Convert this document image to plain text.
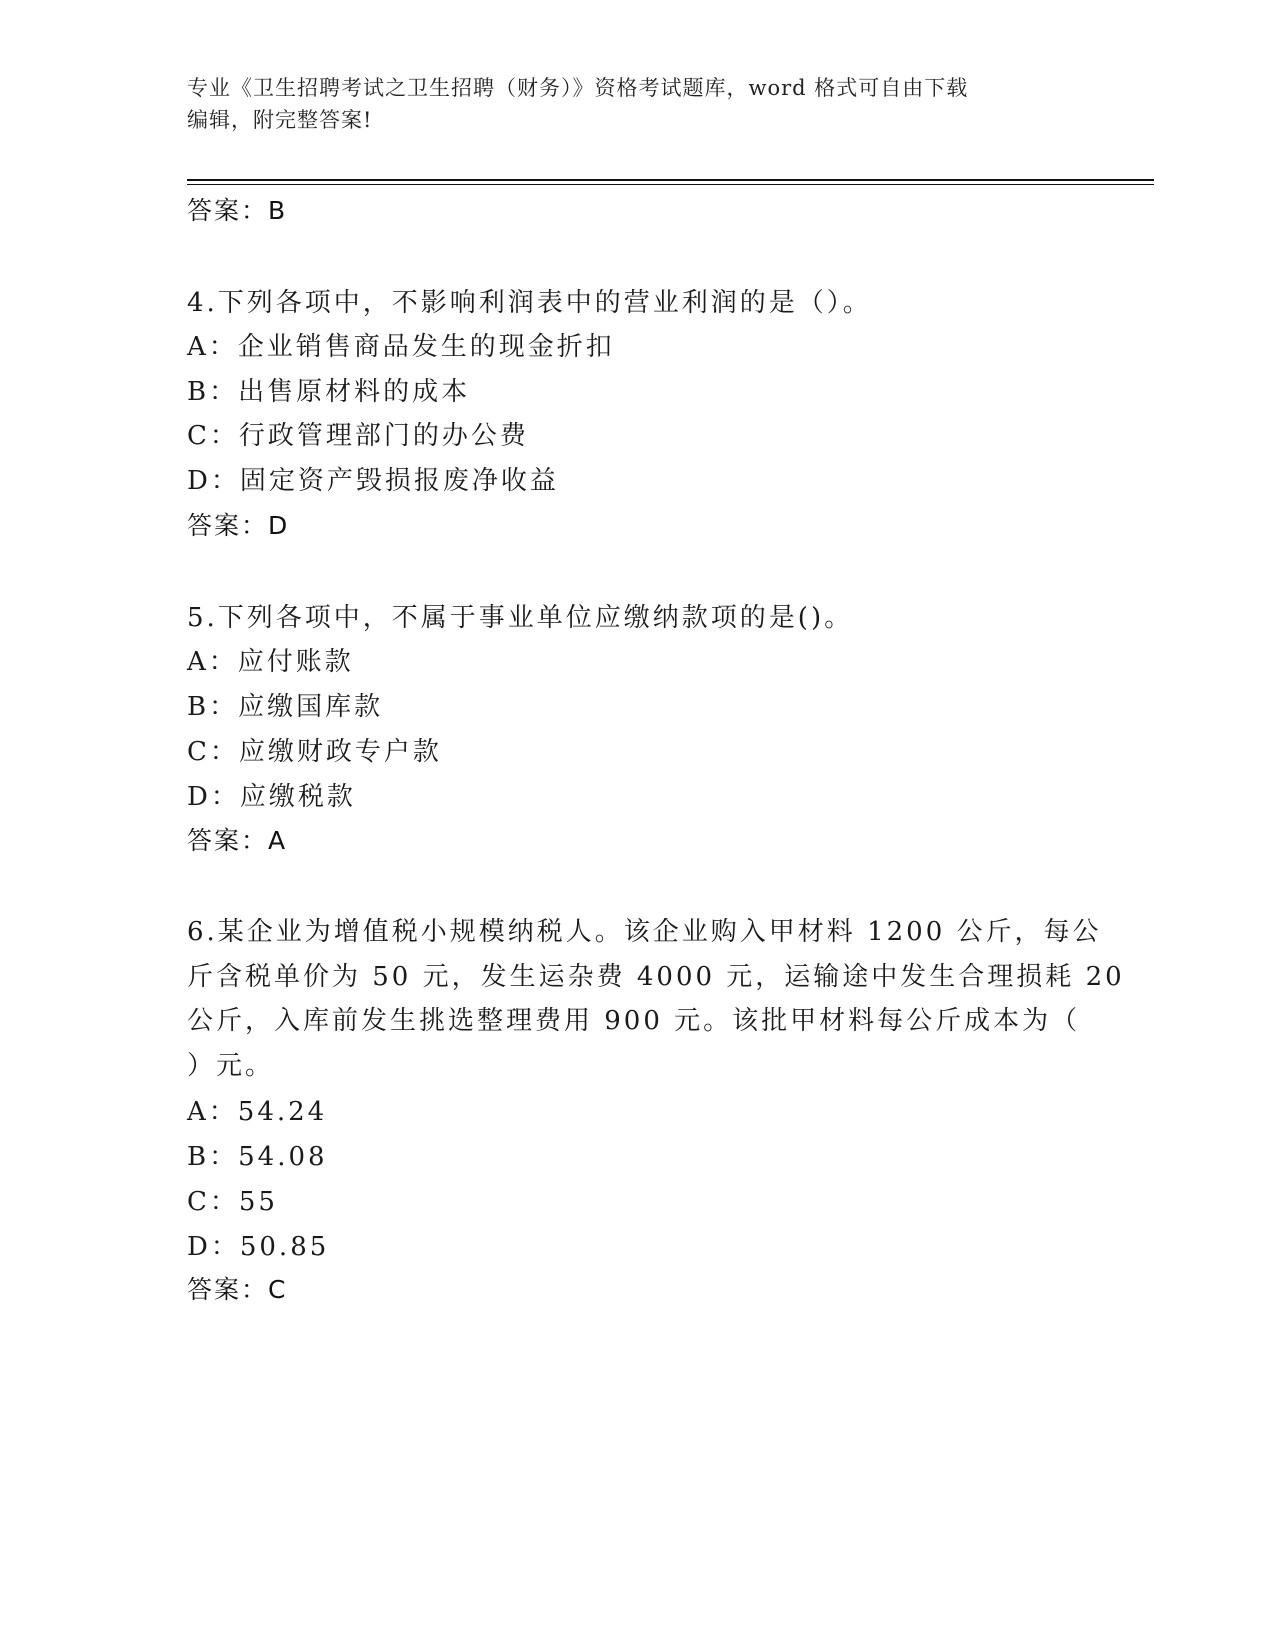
专业《卫生招聘考试之卫生招聘（财务）》资格考试题库，word 格式可自由下载
编辑，附完整答案!
答案：B
4.下列各项中，不影响利润表中的营业利润的是（）。
A：企业销售商品发生的现金折扣
B：出售原材料的成本
C：行政管理部门的办公费
D：固定资产毁损报废净收益
答案：D
5.下列各项中，不属于事业单位应缴纳款项的是()。
A：应付账款
B：应缴国库款
C：应缴财政专户款
D：应缴税款
答案：A
6.某企业为增值税小规模纳税人。该企业购入甲材料 1200 公斤，每公
斤含税单价为 50 元，发生运杂费 4000 元，运输途中发生合理损耗 20
公斤，入库前发生挑选整理费用 900 元。该批甲材料每公斤成本为（
）元。
A：54.24
B：54.08
C：55
D：50.85
答案：C
